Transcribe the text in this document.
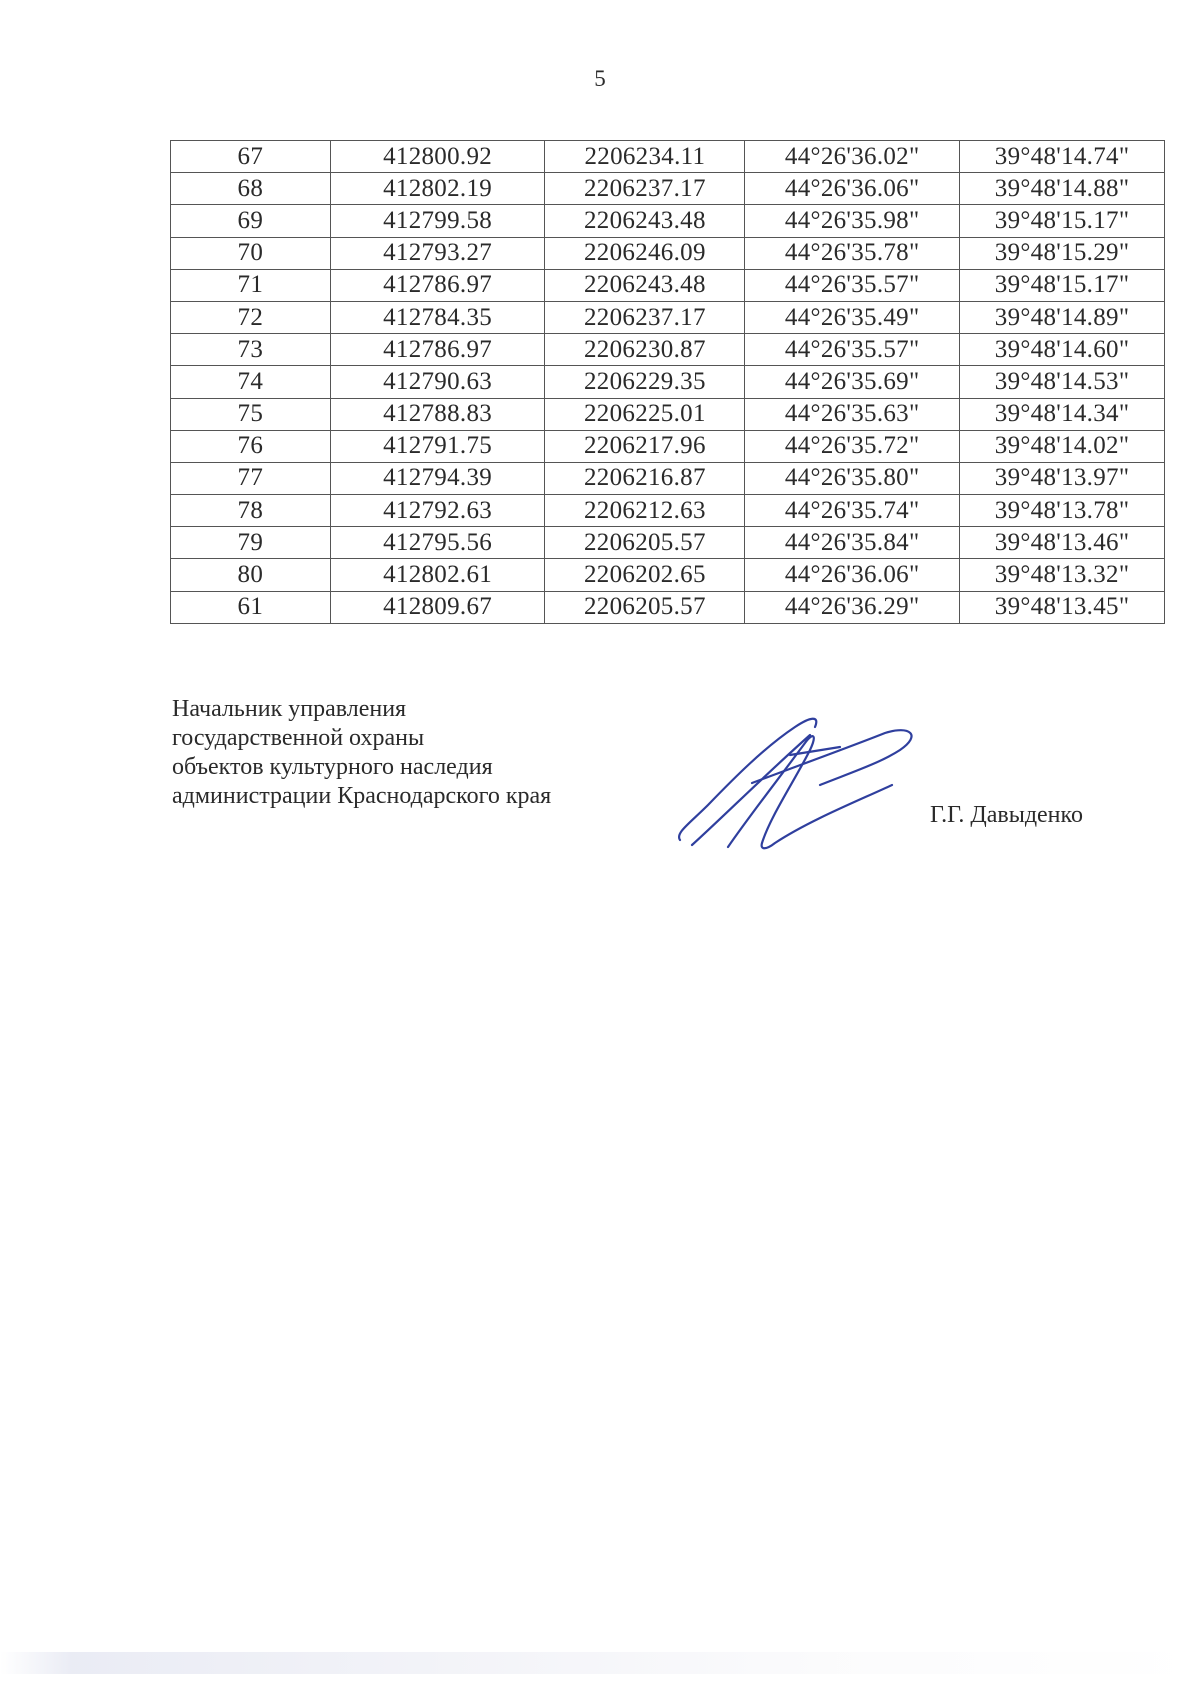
5
67	412800.92	2206234.11	44°26'36.02"	39°48'14.74"
68	412802.19	2206237.17	44°26'36.06"	39°48'14.88"
69	412799.58	2206243.48	44°26'35.98"	39°48'15.17"
70	412793.27	2206246.09	44°26'35.78"	39°48'15.29"
71	412786.97	2206243.48	44°26'35.57"	39°48'15.17"
72	412784.35	2206237.17	44°26'35.49"	39°48'14.89"
73	412786.97	2206230.87	44°26'35.57"	39°48'14.60"
74	412790.63	2206229.35	44°26'35.69"	39°48'14.53"
75	412788.83	2206225.01	44°26'35.63"	39°48'14.34"
76	412791.75	2206217.96	44°26'35.72"	39°48'14.02"
77	412794.39	2206216.87	44°26'35.80"	39°48'13.97"
78	412792.63	2206212.63	44°26'35.74"	39°48'13.78"
79	412795.56	2206205.57	44°26'35.84"	39°48'13.46"
80	412802.61	2206202.65	44°26'36.06"	39°48'13.32"
61	412809.67	2206205.57	44°26'36.29"	39°48'13.45"
Начальник управления
государственной охраны
объектов культурного наследия
администрации Краснодарского края
Г.Г. Давыденко
